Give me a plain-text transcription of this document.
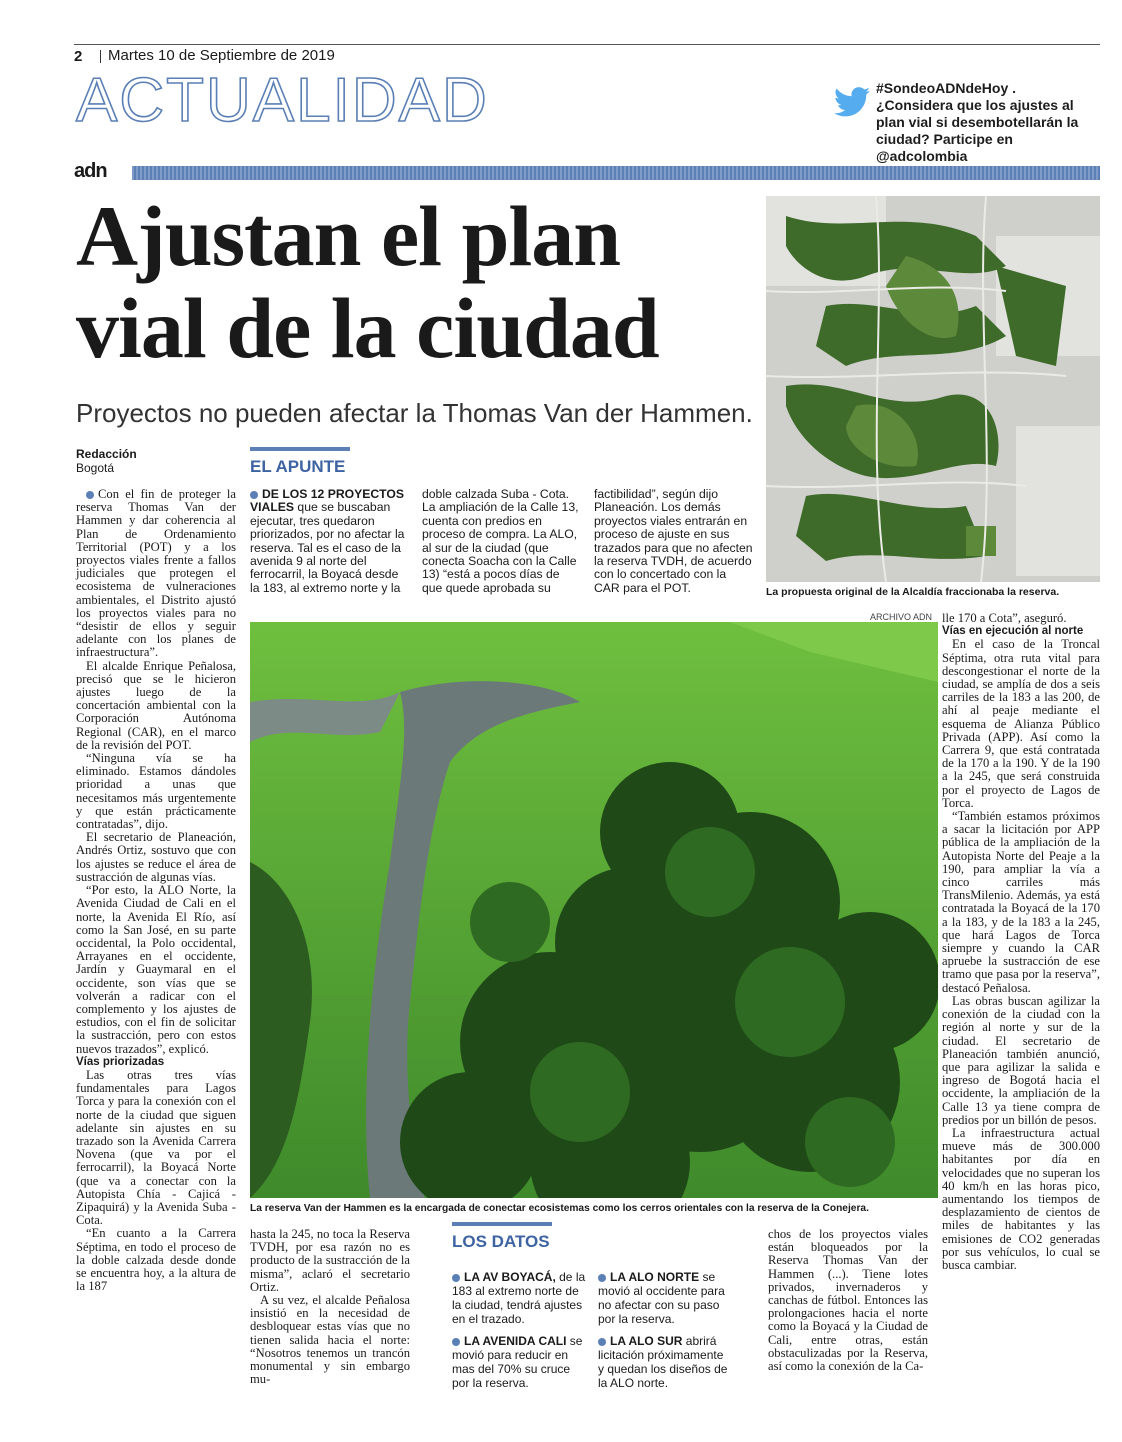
2 Martes 10 de Septiembre de 2019
ACTUALIDAD	#SondeoADNdeHoy . ¿Considera que los ajustes al plan vial si desembotellarán la ciudad? Participe en @adcolombia
adn
Ajustan el plan
vial de la ciudad
Proyectos no pueden afectar la Thomas Van der Hammen.
Redacción
Bogotá

Con el fin de proteger la reserva Thomas Van der Hammen y dar coherencia al Plan de Ordenamiento Territorial (POT) y a los proyectos viales frente a fallos judiciales que protegen el ecosistema de vulneraciones ambientales, el Distrito ajustó los proyectos viales para no “desistir de ellos y seguir adelante con los planes de infraestructura”.

El alcalde Enrique Peñalosa, precisó que se le hicieron ajustes luego de la concertación ambiental con la Corporación Autónoma Regional (CAR), en el marco de la revisión del POT.

“Ninguna vía se ha eliminado. Estamos dándoles prioridad a unas que necesitamos más urgentemente y que están prácticamente contratadas”, dijo.

El secretario de Planeación, Andrés Ortiz, sostuvo que con los ajustes se reduce el área de sustracción de algunas vías.

“Por esto, la ALO Norte, la Avenida Ciudad de Cali en el norte, la Avenida El Río, así como la San José, en su parte occidental, la Polo occidental, Arrayanes en el occidente, Jardín y Guaymaral en el occidente, son vías que se volverán a radicar con el complemento y los ajustes de estudios, con el fin de solicitar la sustracción, pero con estos nuevos trazados”, explicó.

Vías priorizadas

Las otras tres vías fundamentales para Lagos Torca y para la conexión con el norte de la ciudad que siguen adelante sin ajustes en su trazado son la Avenida Carrera Novena (que va por el ferrocarril), la Boyacá Norte (que va a conectar con la Autopista Chía - Cajicá - Zipaquirá) y la Avenida Suba - Cota.

“En cuanto a la Carrera Séptima, en todo el proceso de la doble calzada desde donde se encuentra hoy, a la altura de la 187

EL APUNTE
DE LOS 12 PROYECTOS VIALES que se buscaban ejecutar, tres quedaron priorizados, por no afectar la reserva. Tal es el caso de la avenida 9 al norte del ferrocarril, la Boyacá desde la 183, al extremo norte y la
doble calzada Suba - Cota. La ampliación de la Calle 13, cuenta con predios en proceso de compra. La ALO, al sur de la ciudad (que conecta Soacha con la Calle 13) “está a pocos días de que quede aprobada su
factibilidad”, según dijo Planeación. Los demás proyectos viales entrarán en proceso de ajuste en sus trazados para que no afecten la reserva TVDH, de acuerdo con lo concertado con la CAR para el POT.	La propuesta original de la Alcaldía fraccionaba la reserva.
ARCHIVO ADN
La reserva Van der Hammen es la encargada de conectar ecosistemas como los cerros orientales con la reserva de la Conejera.

lle 170 a Cota”, aseguró.

Vías en ejecución al norte

En el caso de la Troncal Séptima, otra ruta vital para descongestionar el norte de la ciudad, se amplía de dos a seis carriles de la 183 a las 200, de ahí al peaje mediante el esquema de Alianza Público Privada (APP). Así como la Carrera 9, que está contratada de la 170 a la 190. Y de la 190 a la 245, que será construida por el proyecto de Lagos de Torca.

“También estamos próximos a sacar la licitación por APP pública de la ampliación de la Autopista Norte del Peaje a la 190, para ampliar la vía a cinco carriles más TransMilenio. Además, ya está contratada la Boyacá de la 170 a la 183, y de la 183 a la 245, que hará Lagos de Torca siempre y cuando la CAR apruebe la sustracción de ese tramo que pasa por la reserva”, destacó Peñalosa.

Las obras buscan agilizar la conexión de la ciudad con la región al norte y sur de la ciudad. El secretario de Planeación también anunció, que para agilizar la salida e ingreso de Bogotá hacia el occidente, la ampliación de la Calle 13 ya tiene compra de predios por un billón de pesos.

La infraestructura actual mueve más de 300.000 habitantes por día en velocidades que no superan los 40 km/h en las horas pico, aumentando los tiempos de desplazamiento de cientos de miles de habitantes y las emisiones de CO2 generadas por sus vehículos, lo cual se busca cambiar.

hasta la 245, no toca la Reserva TVDH, por esa razón no es producto de la sustracción de la misma”, aclaró el secretario Ortiz.

A su vez, el alcalde Peñalosa insistió en la necesidad de desbloquear estas vías que no tienen salida hacia el norte: “Nosotros tenemos un trancón monumental y sin embargo mu-

LOS DATOS

LA AV BOYACÁ, de la 183 al extremo norte de la ciudad, tendrá ajustes en el trazado.

LA AVENIDA CALI se movió para reducir en mas del 70% su cruce por la reserva.

LA ALO NORTE se movió al occidente para no afectar con su paso por la reserva.

LA ALO SUR abrirá licitación próximamente y quedan los diseños de la ALO norte.

chos de los proyectos viales están bloqueados por la Reserva Thomas Van der Hammen (...). Tiene lotes privados, invernaderos y canchas de fútbol. Entonces las prolongaciones hacia el norte como la Boyacá y la Ciudad de Cali, entre otras, están obstaculizadas por la Reserva, así como la conexión de la Ca-
